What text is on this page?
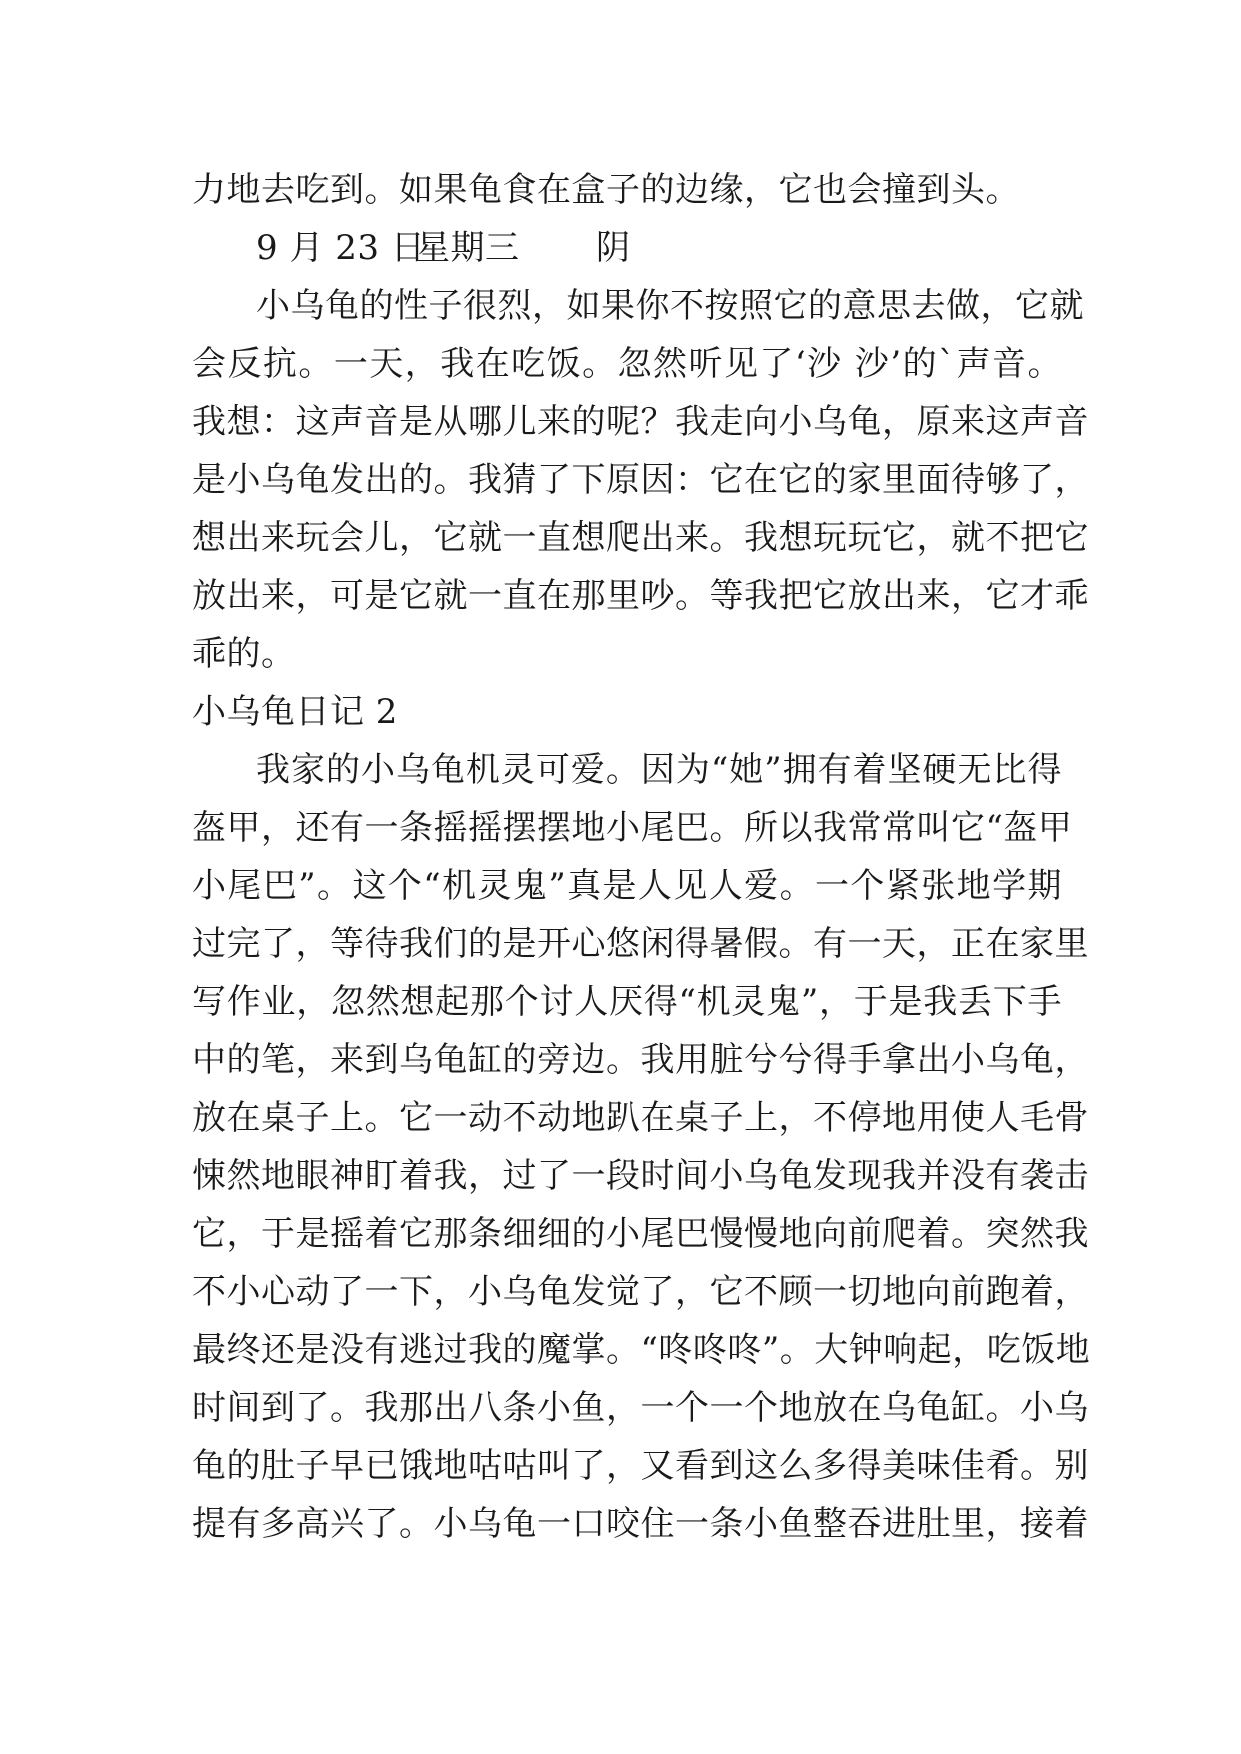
力地去吃到。如果龟食在盒子的边缘，它也会撞到头。
9 月 23 日
星期三 阴
小乌龟的性子很烈，如果你不按照它的意思去做，它就
会反抗。一天，我在吃饭。忽然听见了‘沙 沙’的`声音。
我想：这声音是从哪儿来的呢？我走向小乌龟，原来这声音
是小乌龟发出的。我猜了下原因：它在它的家里面待够了，
想出来玩会儿，它就一直想爬出来。我想玩玩它，就不把它
放出来，可是它就一直在那里吵。等我把它放出来，它才乖
乖的。
小乌龟日记 2
我家的小乌龟机灵可爱。因为“她”拥有着坚硬无比得
盔甲，还有一条摇摇摆摆地小尾巴。所以我常常叫它“盔甲
小尾巴”。这个“机灵鬼”真是人见人爱。一个紧张地学期
过完了，等待我们的是开心悠闲得暑假。有一天，正在家里
写作业，忽然想起那个讨人厌得“机灵鬼”，于是我丢下手
中的笔，来到乌龟缸的旁边。我用脏兮兮得手拿出小乌龟，
放在桌子上。它一动不动地趴在桌子上，不停地用使人毛骨
悚然地眼神盯着我，过了一段时间小乌龟发现我并没有袭击
它，于是摇着它那条细细的小尾巴慢慢地向前爬着。突然我
不小心动了一下，小乌龟发觉了，它不顾一切地向前跑着，
最终还是没有逃过我的魔掌。“咚咚咚”。大钟响起，吃饭地
时间到了。我那出八条小鱼，一个一个地放在乌龟缸。小乌
龟的肚子早已饿地咕咕叫了，又看到这么多得美味佳肴。别
提有多高兴了。小乌龟一口咬住一条小鱼整吞进肚里，接着
